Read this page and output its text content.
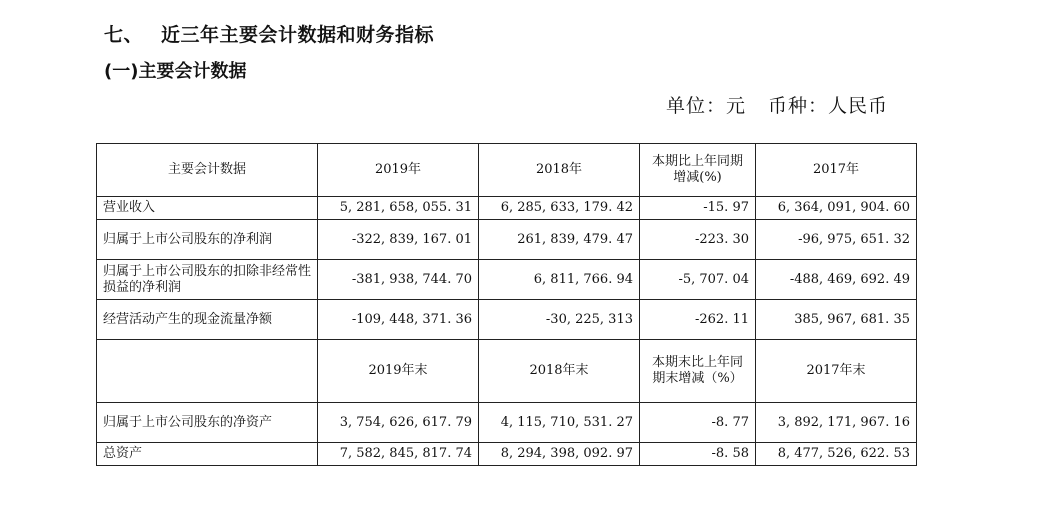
七、 近三年主要会计数据和财务指标
(一)主要会计数据
单位：元 币种：人民币
主要会计数据	2019年	2018年	本期比上年同期增减(%)	2017年
营业收入	5, 281, 658, 055. 31	6, 285, 633, 179. 42	-15. 97	6, 364, 091, 904. 60
归属于上市公司股东的净利润	-322, 839, 167. 01	261, 839, 479. 47	-223. 30	-96, 975, 651. 32
归属于上市公司股东的扣除非经常性损益的净利润	-381, 938, 744. 70	6, 811, 766. 94	-5, 707. 04	-488, 469, 692. 49
经营活动产生的现金流量净额	-109, 448, 371. 36	-30, 225, 313	-262. 11	385, 967, 681. 35
	2019年末	2018年末	本期末比上年同期末增减（%）	2017年末
归属于上市公司股东的净资产	3, 754, 626, 617. 79	4, 115, 710, 531. 27	-8. 77	3, 892, 171, 967. 16
总资产	7, 582, 845, 817. 74	8, 294, 398, 092. 97	-8. 58	8, 477, 526, 622. 53
